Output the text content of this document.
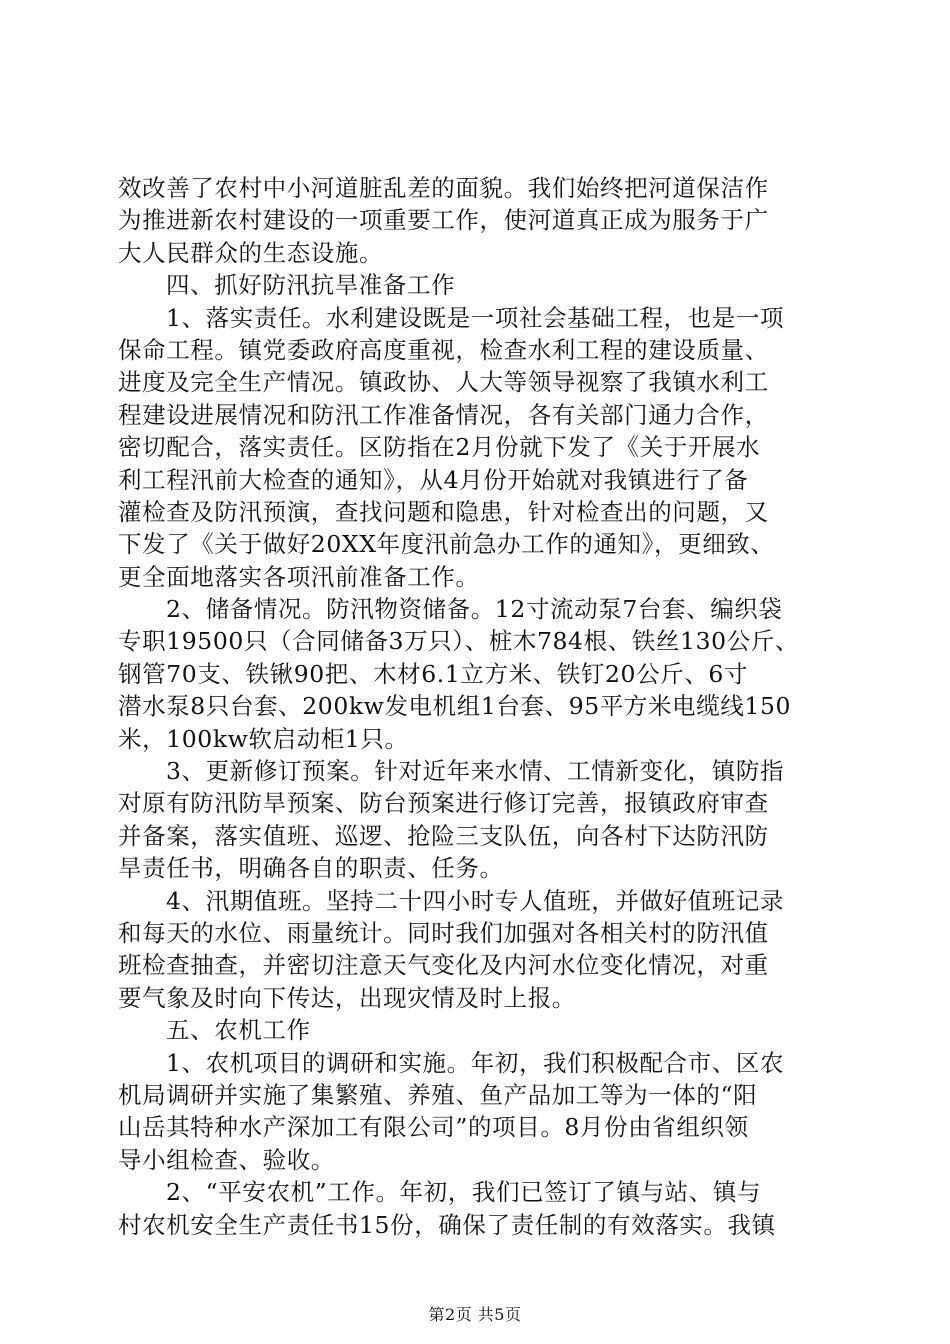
效改善了农村中小河道脏乱差的面貌。我们始终把河道保洁作
为推进新农村建设的一项重要工作，使河道真正成为服务于广
大人民群众的生态设施。
四、抓好防汛抗旱准备工作
1、落实责任。水利建设既是一项社会基础工程，也是一项
保命工程。镇党委政府高度重视，检查水利工程的建设质量、
进度及完全生产情况。镇政协、人大等领导视察了我镇水利工
程建设进展情况和防汛工作准备情况，各有关部门通力合作，
密切配合，落实责任。区防指在2月份就下发了《关于开展水
利工程汛前大检查的通知》，从4月份开始就对我镇进行了备
灌检查及防汛预演，查找问题和隐患，针对检查出的问题，又
下发了《关于做好20XX年度汛前急办工作的通知》，更细致、
更全面地落实各项汛前准备工作。
2、储备情况。防汛物资储备。12寸流动泵7台套、编织袋
专职19500只（合同储备3万只）、桩木784根、铁丝130公斤、
钢管70支、铁锹90把、木材6.1立方米、铁钉20公斤、6寸
潜水泵8只台套、200kw发电机组1台套、95平方米电缆线150
米，100kw软启动柜1只。
3、更新修订预案。针对近年来水情、工情新变化，镇防指
对原有防汛防旱预案、防台预案进行修订完善，报镇政府审查
并备案，落实值班、巡逻、抢险三支队伍，向各村下达防汛防
旱责任书，明确各自的职责、任务。
4、汛期值班。坚持二十四小时专人值班，并做好值班记录
和每天的水位、雨量统计。同时我们加强对各相关村的防汛值
班检查抽查，并密切注意天气变化及内河水位变化情况，对重
要气象及时向下传达，出现灾情及时上报。
五、农机工作
1、农机项目的调研和实施。年初，我们积极配合市、区农
机局调研并实施了集繁殖、养殖、鱼产品加工等为一体的“阳
山岳其特种水产深加工有限公司”的项目。8月份由省组织领
导小组检查、验收。
2、“平安农机”工作。年初，我们已签订了镇与站、镇与
村农机安全生产责任书15份，确保了责任制的有效落实。我镇
第2页 共5页
